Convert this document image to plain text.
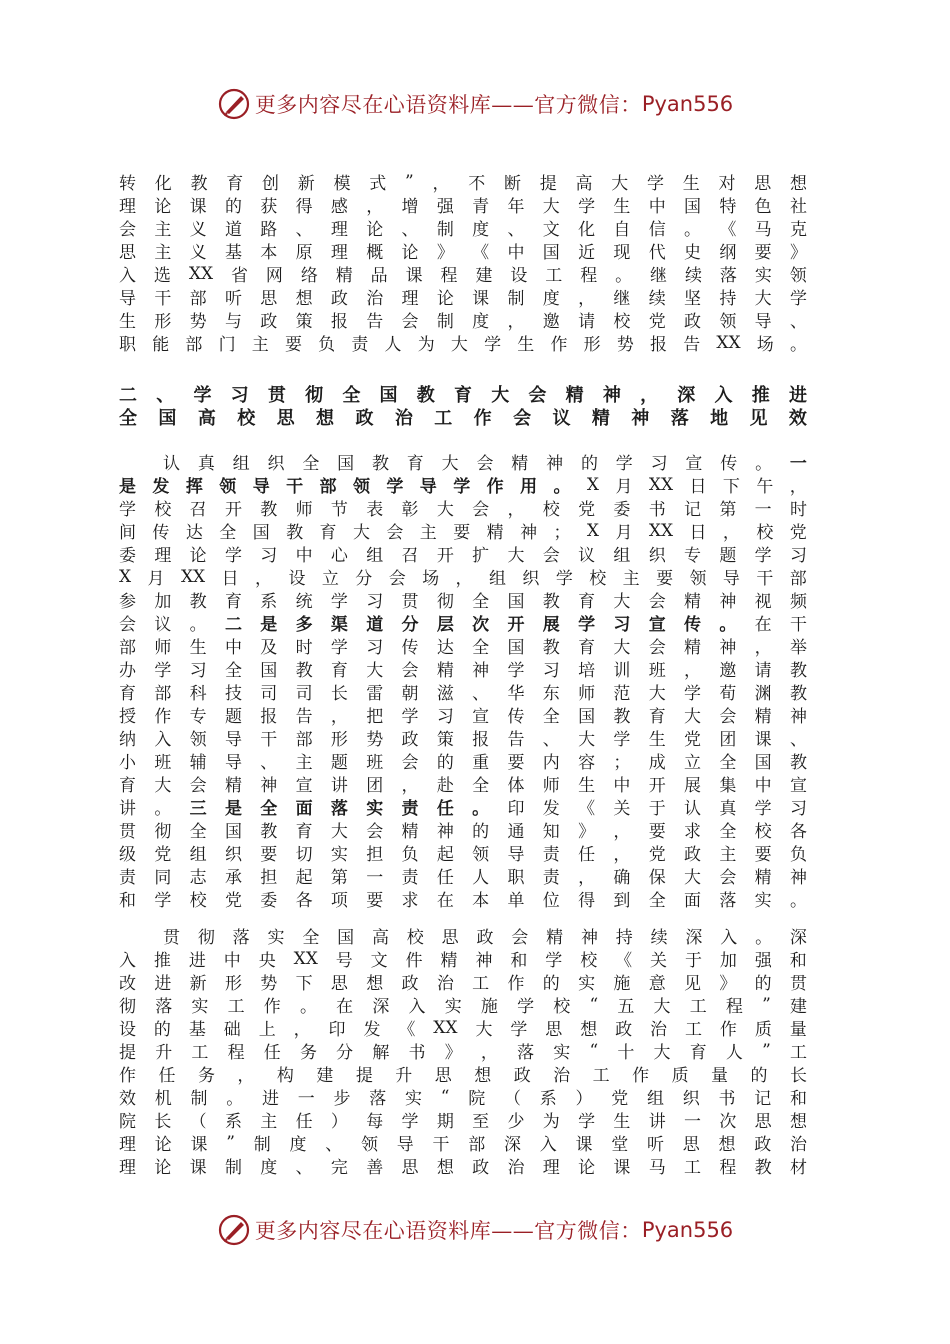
更多内容尽在心语资料库——官方微信： Pyan556
转 化 教 育 创 新 模 式 ” ， 不 断 提 高 大 学 生 对 思 想
理 论 课 的 获 得 感 ， 增 强 青 年 大 学 生 中 国 特 色 社
会 主 义 道 路 、 理 论 、 制 度 、 文 化 自 信 。 《 马 克
思 主 义 基 本 原 理 概 论 》 《 中 国 近 现 代 史 纲 要 》
入 选 XX 省 网 络 精 品 课 程 建 设 工 程 。 继 续 落 实 领
导 干 部 听 思 想 政 治 理 论 课 制 度 ， 继 续 坚 持 大 学
生 形 势 与 政 策 报 告 会 制 度 ， 邀 请 校 党 政 领 导 、
职 能 部 门 主 要 负 责 人 为 大 学 生 作 形 势 报 告 XX 场 。
二 、 学 习 贯 彻 全 国 教 育 大 会 精 神 ， 深 入 推 进
全 国 高 校 思 想 政 治 工 作 会 议 精 神 落 地 见 效
认 真 组 织 全 国 教 育 大 会 精 神 的 学 习 宣 传 。 一
是 发 挥 领 导 干 部 领 学 导 学 作 用 。 X 月 XX 日 下 午 ，
学 校 召 开 教 师 节 表 彰 大 会 ， 校 党 委 书 记 第 一 时
间 传 达 全 国 教 育 大 会 主 要 精 神 ； X 月 XX 日 ， 校 党
委 理 论 学 习 中 心 组 召 开 扩 大 会 议 组 织 专 题 学 习
X 月 XX 日 ， 设 立 分 会 场 ， 组 织 学 校 主 要 领 导 干 部
参 加 教 育 系 统 学 习 贯 彻 全 国 教 育 大 会 精 神 视 频
会 议 。 二 是 多 渠 道 分 层 次 开 展 学 习 宣 传 。 在 干
部 师 生 中 及 时 学 习 传 达 全 国 教 育 大 会 精 神 ， 举
办 学 习 全 国 教 育 大 会 精 神 学 习 培 训 班 ， 邀 请 教
育 部 科 技 司 司 长 雷 朝 滋 、 华 东 师 范 大 学 荀 渊 教
授 作 专 题 报 告 ， 把 学 习 宣 传 全 国 教 育 大 会 精 神
纳 入 领 导 干 部 形 势 政 策 报 告 、 大 学 生 党 团 课 、
小 班 辅 导 、 主 题 班 会 的 重 要 内 容 ； 成 立 全 国 教
育 大 会 精 神 宣 讲 团 ， 赴 全 体 师 生 中 开 展 集 中 宣
讲 。 三 是 全 面 落 实 责 任 。 印 发 《 关 于 认 真 学 习
贯 彻 全 国 教 育 大 会 精 神 的 通 知 》 ， 要 求 全 校 各
级 党 组 织 要 切 实 担 负 起 领 导 责 任 ， 党 政 主 要 负
责 同 志 承 担 起 第 一 责 任 人 职 责 ， 确 保 大 会 精 神
和 学 校 党 委 各 项 要 求 在 本 单 位 得 到 全 面 落 实 。
贯 彻 落 实 全 国 高 校 思 政 会 精 神 持 续 深 入 。 深
入 推 进 中 央 XX 号 文 件 精 神 和 学 校 《 关 于 加 强 和
改 进 新 形 势 下 思 想 政 治 工 作 的 实 施 意 见 》 的 贯
彻 落 实 工 作 。 在 深 入 实 施 学 校 “ 五 大 工 程 ” 建
设 的 基 础 上 ， 印 发 《 XX 大 学 思 想 政 治 工 作 质 量
提 升 工 程 任 务 分 解 书 》 ， 落 实 “ 十 大 育 人 ” 工
作 任 务 ， 构 建 提 升 思 想 政 治 工 作 质 量 的 长
效 机 制 。 进 一 步 落 实 “ 院 （ 系 ） 党 组 织 书 记 和
院 长 （ 系 主 任 ） 每 学 期 至 少 为 学 生 讲 一 次 思 想
理 论 课 ” 制 度 、 领 导 干 部 深 入 课 堂 听 思 想 政 治
理 论 课 制 度 、 完 善 思 想 政 治 理 论 课 马 工 程 教 材
更多内容尽在心语资料库——官方微信： Pyan556
